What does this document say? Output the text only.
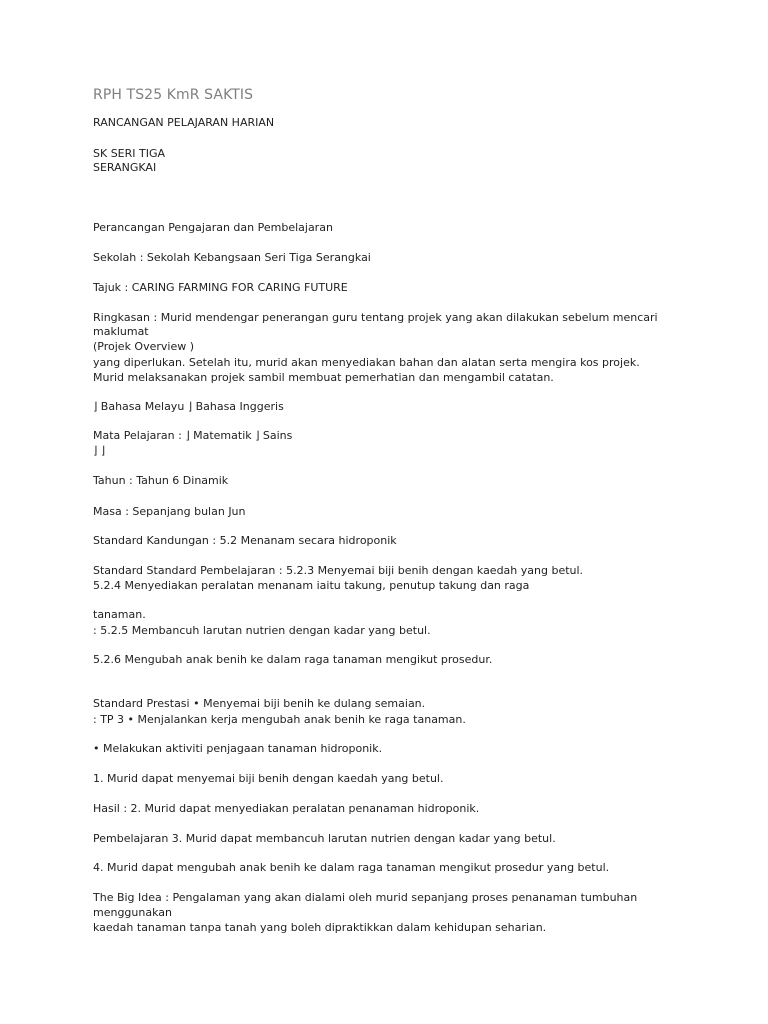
RPH TS25 KmR SAKTIS
RANCANGAN PELAJARAN HARIAN
SK SERI TIGA
SERANGKAI
Perancangan Pengajaran dan Pembelajaran
Sekolah : Sekolah Kebangsaan Seri Tiga Serangkai
Tajuk : CARING FARMING FOR CARING FUTURE
Ringkasan : Murid mendengar penerangan guru tentang projek yang akan dilakukan sebelum mencari
maklumat
(Projek Overview )
yang diperlukan. Setelah itu, murid akan menyediakan bahan dan alatan serta mengira kos projek.
Murid melaksanakan projek sambil membuat pemerhatian dan mengambil catatan.
⌋ Bahasa Melayu ⌋ Bahasa Inggeris
Mata Pelajaran : ⌋ Matematik ⌋ Sains
⌋ ⌋
Tahun : Tahun 6 Dinamik
Masa : Sepanjang bulan Jun
Standard Kandungan : 5.2 Menanam secara hidroponik
Standard Standard Pembelajaran : 5.2.3 Menyemai biji benih dengan kaedah yang betul.
5.2.4 Menyediakan peralatan menanam iaitu takung, penutup takung dan raga
tanaman.
: 5.2.5 Membancuh larutan nutrien dengan kadar yang betul.
5.2.6 Mengubah anak benih ke dalam raga tanaman mengikut prosedur.
Standard Prestasi • Menyemai biji benih ke dulang semaian.
: TP 3 • Menjalankan kerja mengubah anak benih ke raga tanaman.
• Melakukan aktiviti penjagaan tanaman hidroponik.
1. Murid dapat menyemai biji benih dengan kaedah yang betul.
Hasil : 2. Murid dapat menyediakan peralatan penanaman hidroponik.
Pembelajaran 3. Murid dapat membancuh larutan nutrien dengan kadar yang betul.
4. Murid dapat mengubah anak benih ke dalam raga tanaman mengikut prosedur yang betul.
The Big Idea : Pengalaman yang akan dialami oleh murid sepanjang proses penanaman tumbuhan
menggunakan
kaedah tanaman tanpa tanah yang boleh dipraktikkan dalam kehidupan seharian.
